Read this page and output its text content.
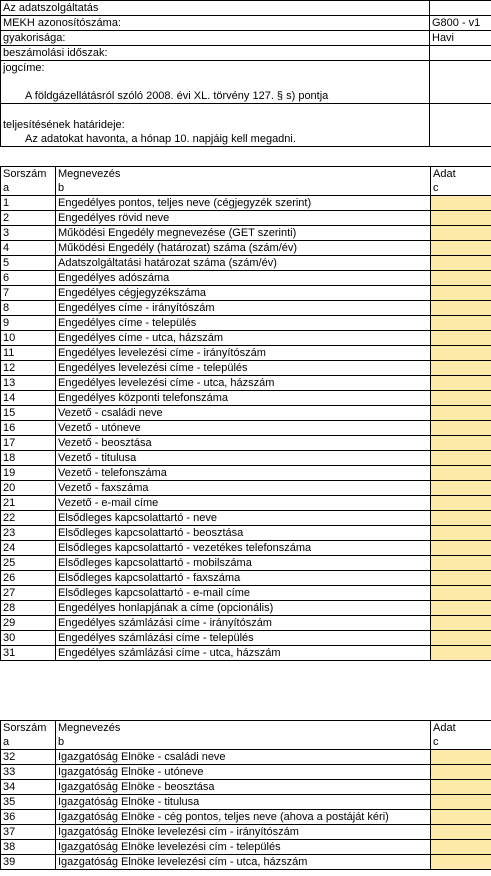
Az adatszolgáltatás	
MEKH azonosítószáma:	G800 - v1
gyakorisága:	Havi
beszámolási időszak:	
jogcíme:	

A földgázellátásról szóló 2008. évi XL. törvény 127. § s) pontja	

teljesítésének határideje:	
Az adatokat havonta, a hónap 10. napjáig kell megadni.	
Sorszám	Megnevezés	Adat
a	b	c
1	Engedélyes pontos, teljes neve (cégjegyzék szerint)	
2	Engedélyes rövid neve	
3	Működési Engedély megnevezése (GET szerinti)	
4	Működési Engedély (határozat) száma (szám/év)	
5	Adatszolgáltatási határozat száma (szám/év)	
6	Engedélyes adószáma	
7	Engedélyes cégjegyzékszáma	
8	Engedélyes címe - irányítószám	
9	Engedélyes címe - település	
10	Engedélyes címe - utca, házszám	
11	Engedélyes levelezési címe - irányítószám	
12	Engedélyes levelezési címe - település	
13	Engedélyes levelezési címe - utca, házszám	
14	Engedélyes központi telefonszáma	
15	Vezető - családi neve	
16	Vezető - utóneve	
17	Vezető - beosztása	
18	Vezető - titulusa	
19	Vezető - telefonszáma	
20	Vezető - faxszáma	
21	Vezető - e-mail címe	
22	Elsődleges kapcsolattartó - neve	
23	Elsődleges kapcsolattartó - beosztása	
24	Elsődleges kapcsolattartó - vezetékes telefonszáma	
25	Elsődleges kapcsolattartó - mobilszáma	
26	Elsődleges kapcsolattartó - faxszáma	
27	Elsődleges kapcsolattartó - e-mail címe	
28	Engedélyes honlapjának a címe (opcionális)	
29	Engedélyes számlázási címe - irányítószám	
30	Engedélyes számlázási címe - település	
31	Engedélyes számlázási címe - utca, házszám	
Sorszám	Megnevezés	Adat
a	b	c
32	Igazgatóság Elnöke - családi neve	
33	Igazgatóság Elnöke - utóneve	
34	Igazgatóság Elnöke - beosztása	
35	Igazgatóság Elnöke - titulusa	
36	Igazgatóság Elnöke - cég pontos, teljes neve (ahova a postáját kéri)	
37	Igazgatóság Elnöke levelezési cím - irányítószám	
38	Igazgatóság Elnöke levelezési cím - település	
39	Igazgatóság Elnöke levelezési cím - utca, házszám	
